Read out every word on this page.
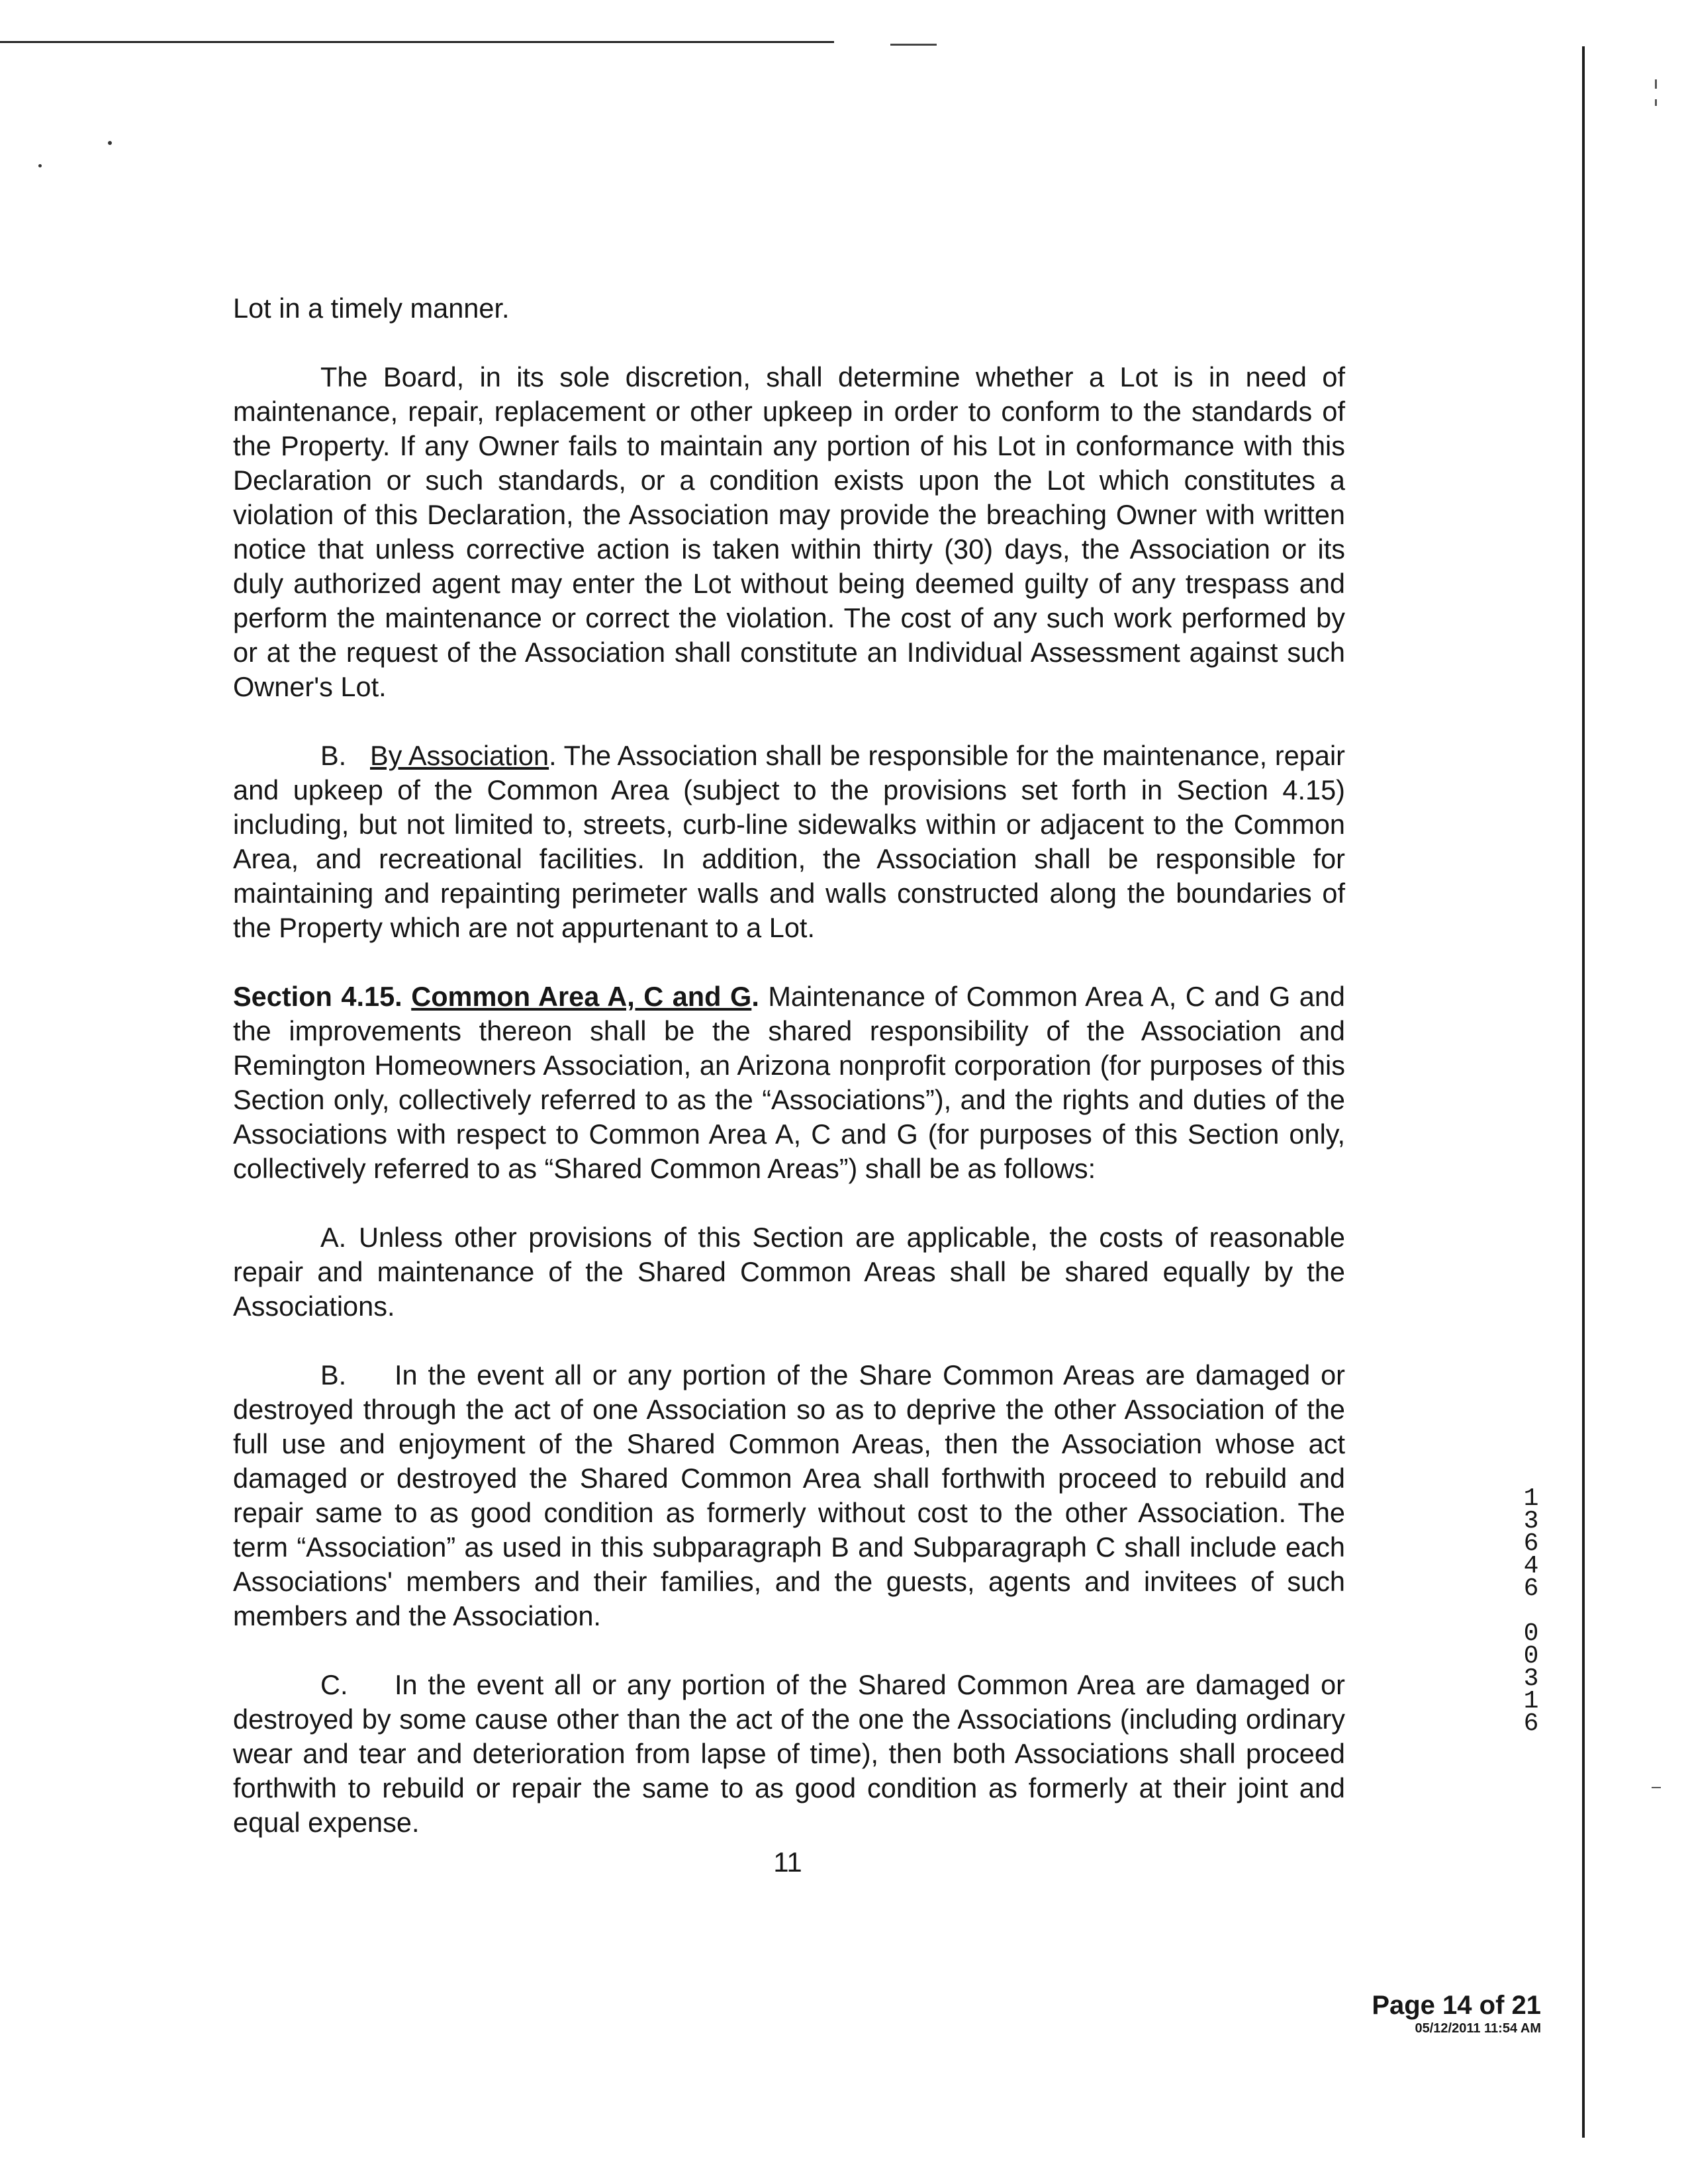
Lot in a timely manner.

The Board, in its sole discretion, shall determine whether a Lot is in need of maintenance, repair, replacement or other upkeep in order to conform to the standards of the Property. If any Owner fails to maintain any portion of his Lot in conformance with this Declaration or such standards, or a condition exists upon the Lot which constitutes a violation of this Declaration, the Association may provide the breaching Owner with written notice that unless corrective action is taken within thirty (30) days, the Association or its duly authorized agent may enter the Lot without being deemed guilty of any trespass and perform the maintenance or correct the violation. The cost of any such work performed by or at the request of the Association shall constitute an Individual Assessment against such Owner's Lot.

B. By Association. The Association shall be responsible for the maintenance, repair and upkeep of the Common Area (subject to the provisions set forth in Section 4.15) including, but not limited to, streets, curb-line sidewalks within or adjacent to the Common Area, and recreational facilities. In addition, the Association shall be responsible for maintaining and repainting perimeter walls and walls constructed along the boundaries of the Property which are not appurtenant to a Lot.

Section 4.15. Common Area A, C and G. Maintenance of Common Area A, C and G and the improvements thereon shall be the shared responsibility of the Association and Remington Homeowners Association, an Arizona nonprofit corporation (for purposes of this Section only, collectively referred to as the “Associations”), and the rights and duties of the Associations with respect to Common Area A, C and G (for purposes of this Section only, collectively referred to as “Shared Common Areas”) shall be as follows:

A. Unless other provisions of this Section are applicable, the costs of reasonable repair and maintenance of the Shared Common Areas shall be shared equally by the Associations.

B. In the event all or any portion of the Share Common Areas are damaged or destroyed through the act of one Association so as to deprive the other Association of the full use and enjoyment of the Shared Common Areas, then the Association whose act damaged or destroyed the Shared Common Area shall forthwith proceed to rebuild and repair same to as good condition as formerly without cost to the other Association. The term “Association” as used in this subparagraph B and Subparagraph C shall include each Associations' members and their families, and the guests, agents and invitees of such members and the Association.

C. In the event all or any portion of the Shared Common Area are damaged or destroyed by some cause other than the act of the one the Associations (including ordinary wear and tear and deterioration from lapse of time), then both Associations shall proceed forthwith to rebuild or repair the same to as good condition as formerly at their joint and equal expense.

11
1
3
6
4
6
0
0
3
1
6
Page 14 of 21
05/12/2011 11:54 AM
